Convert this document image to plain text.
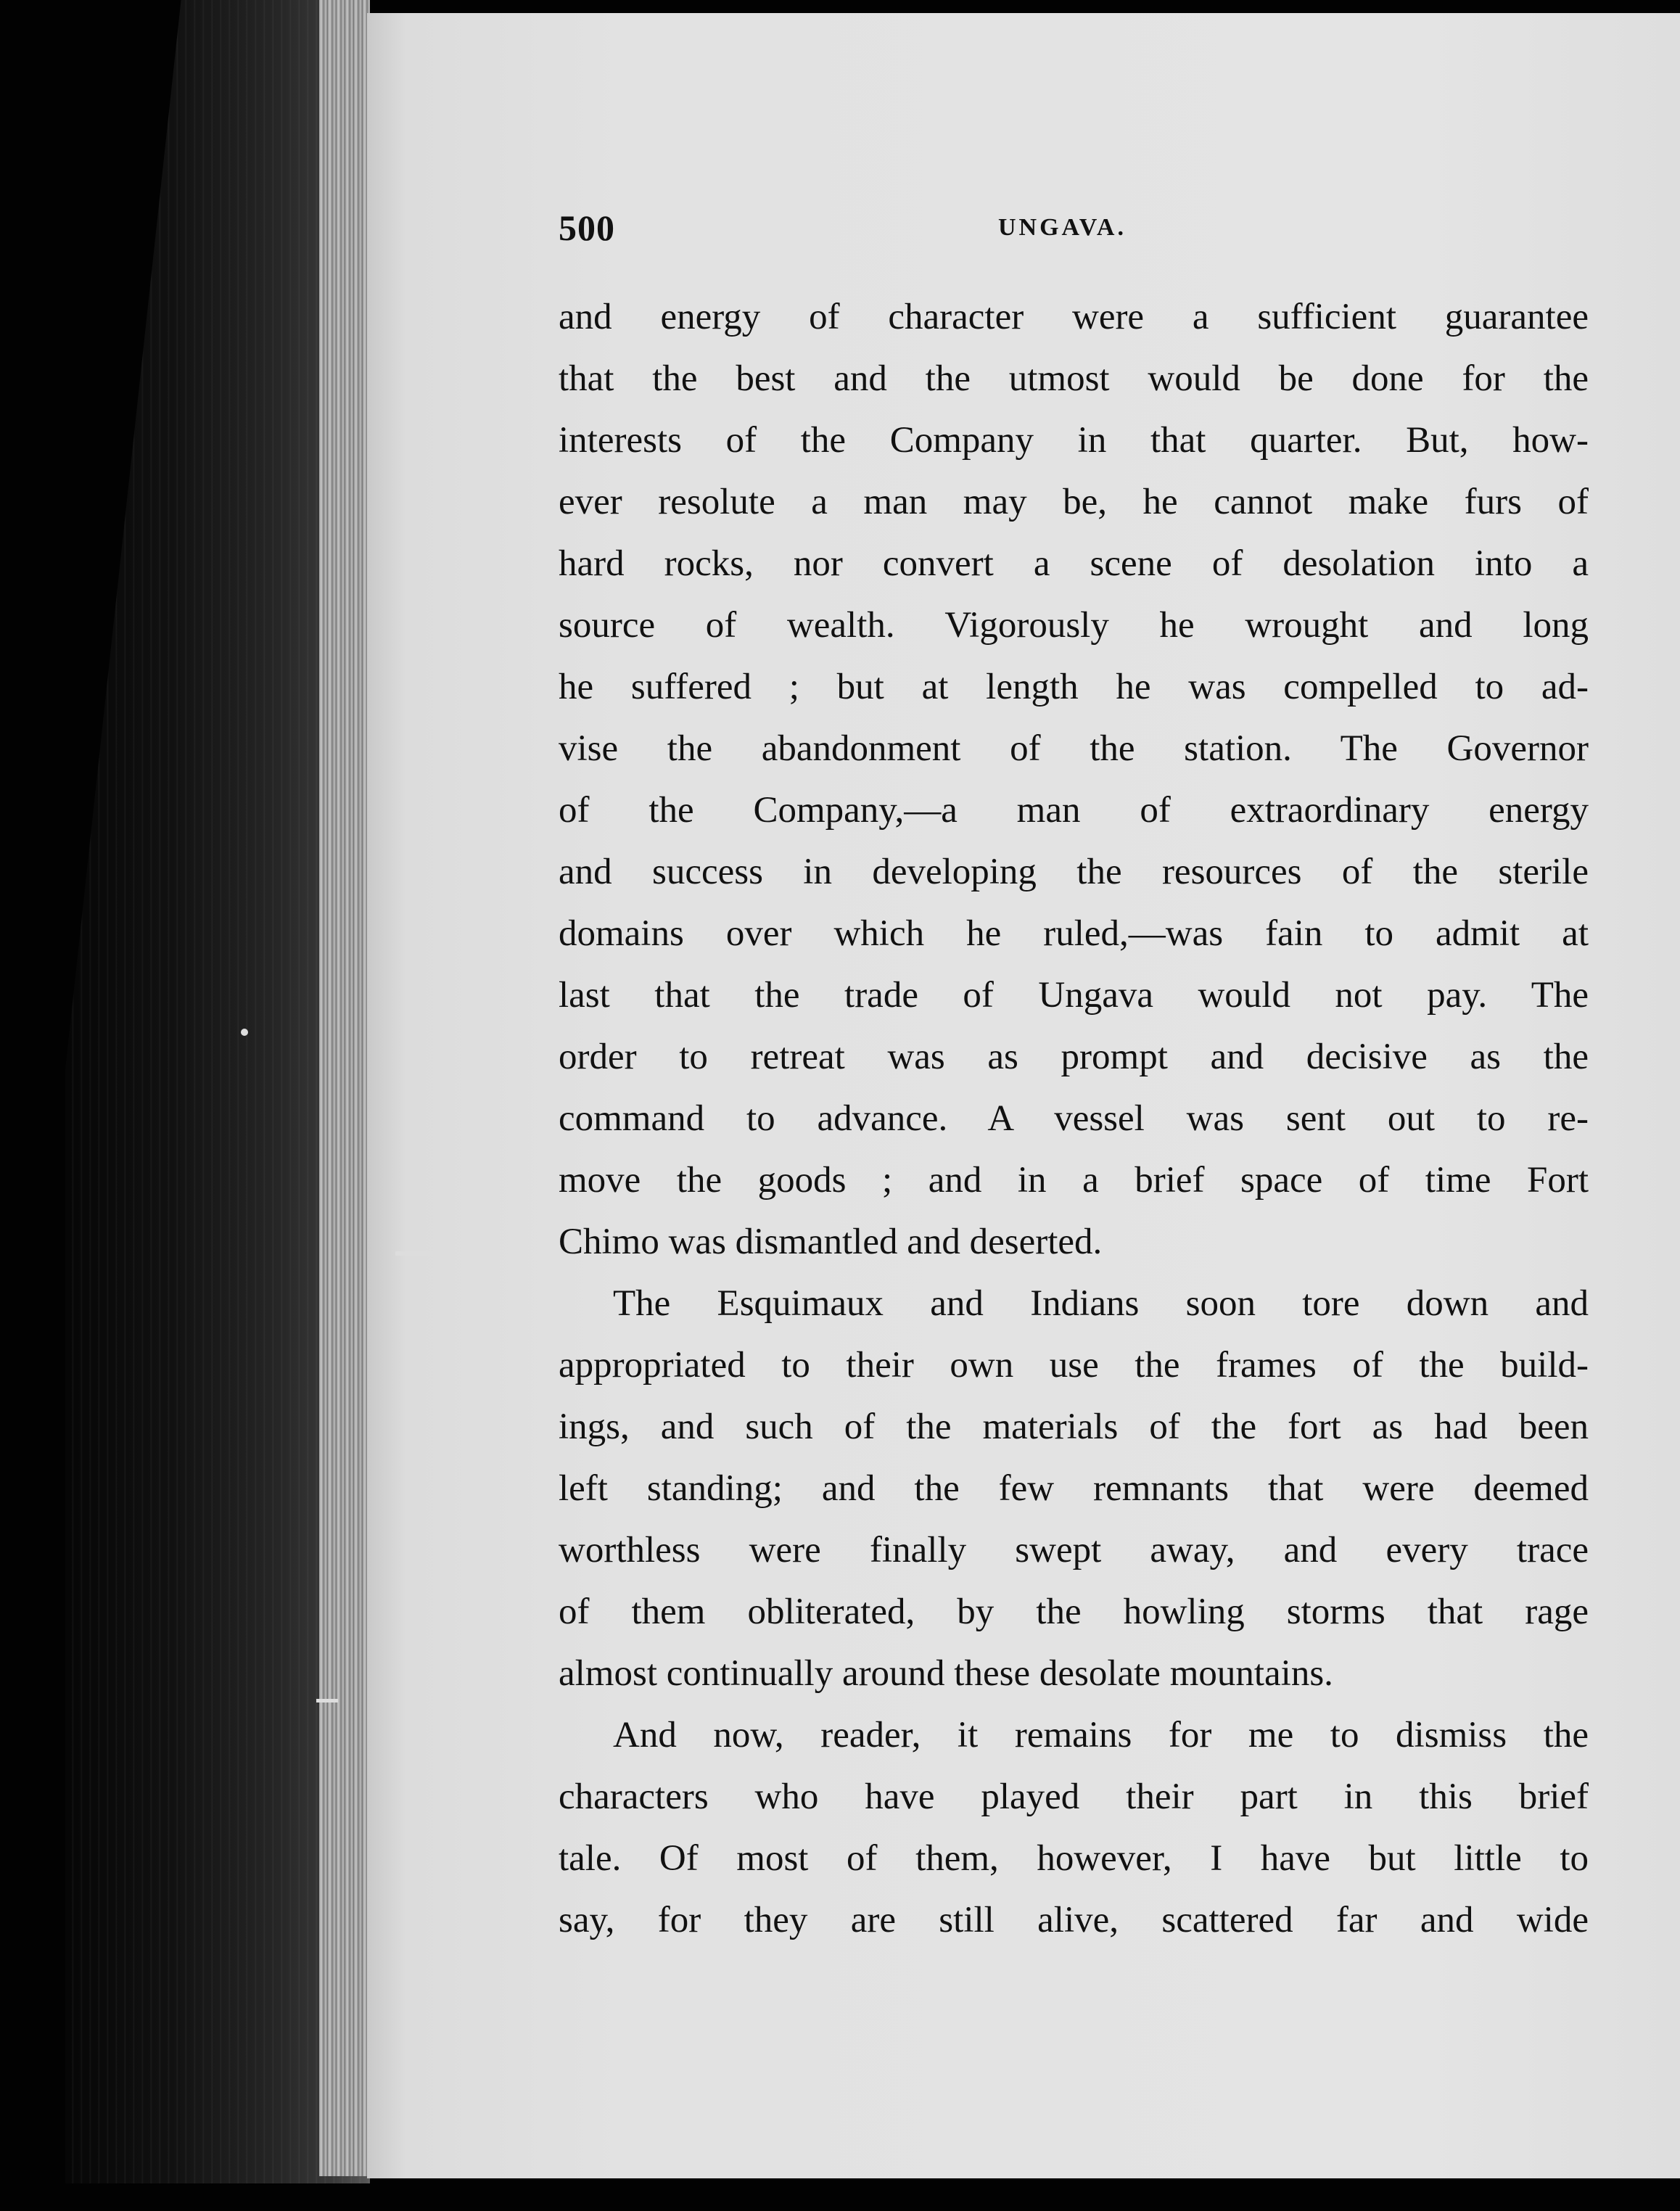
500	UNGAVA.
and energy of character were a sufficient guarantee
that the best and the utmost would be done for the
interests of the Company in that quarter. But, how-
ever resolute a man may be, he cannot make furs of
hard rocks, nor convert a scene of desolation into a
source of wealth. Vigorously he wrought and long
he suffered ; but at length he was compelled to ad-
vise the abandonment of the station. The Governor
of the Company,—a man of extraordinary energy
and success in developing the resources of the sterile
domains over which he ruled,—was fain to admit at
last that the trade of Ungava would not pay. The
order to retreat was as prompt and decisive as the
command to advance. A vessel was sent out to re-
move the goods ; and in a brief space of time Fort
Chimo was dismantled and deserted.
The Esquimaux and Indians soon tore down and
appropriated to their own use the frames of the build-
ings, and such of the materials of the fort as had been
left standing; and the few remnants that were deemed
worthless were finally swept away, and every trace
of them obliterated, by the howling storms that rage
almost continually around these desolate mountains.
And now, reader, it remains for me to dismiss the
characters who have played their part in this brief
tale. Of most of them, however, I have but little to
say, for they are still alive, scattered far and wide
